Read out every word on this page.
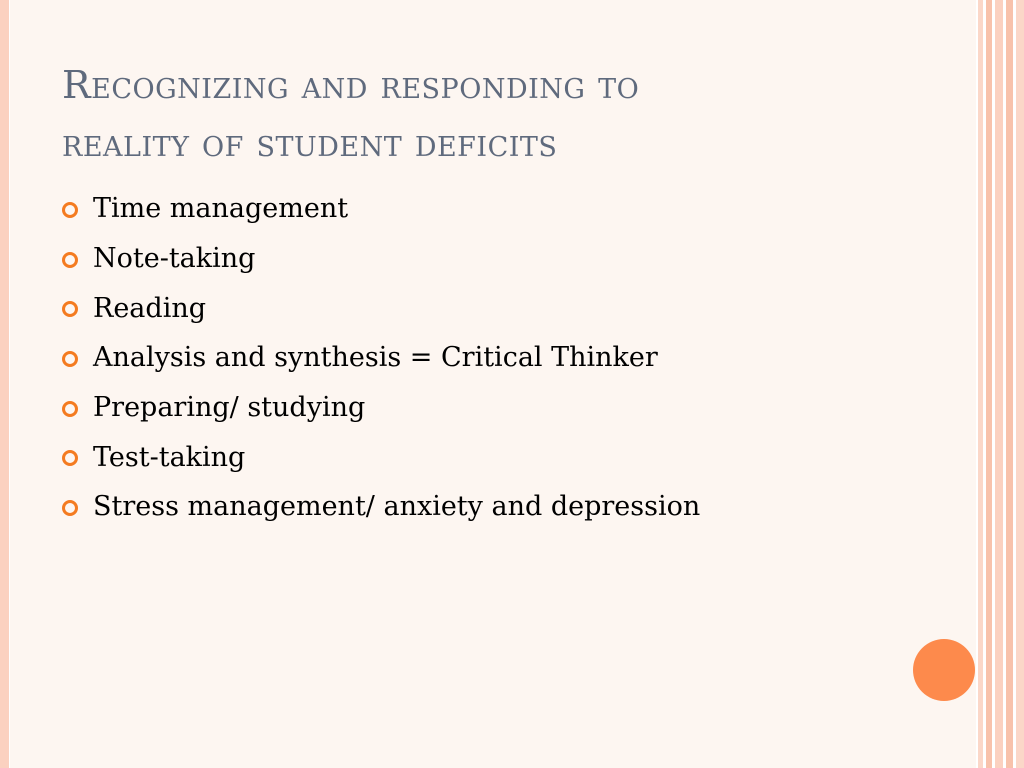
Recognizing and responding to
reality of student deficits
Time management
Note-taking
Reading
Analysis and synthesis = Critical Thinker
Preparing/ studying
Test-taking
Stress management/ anxiety and depression
